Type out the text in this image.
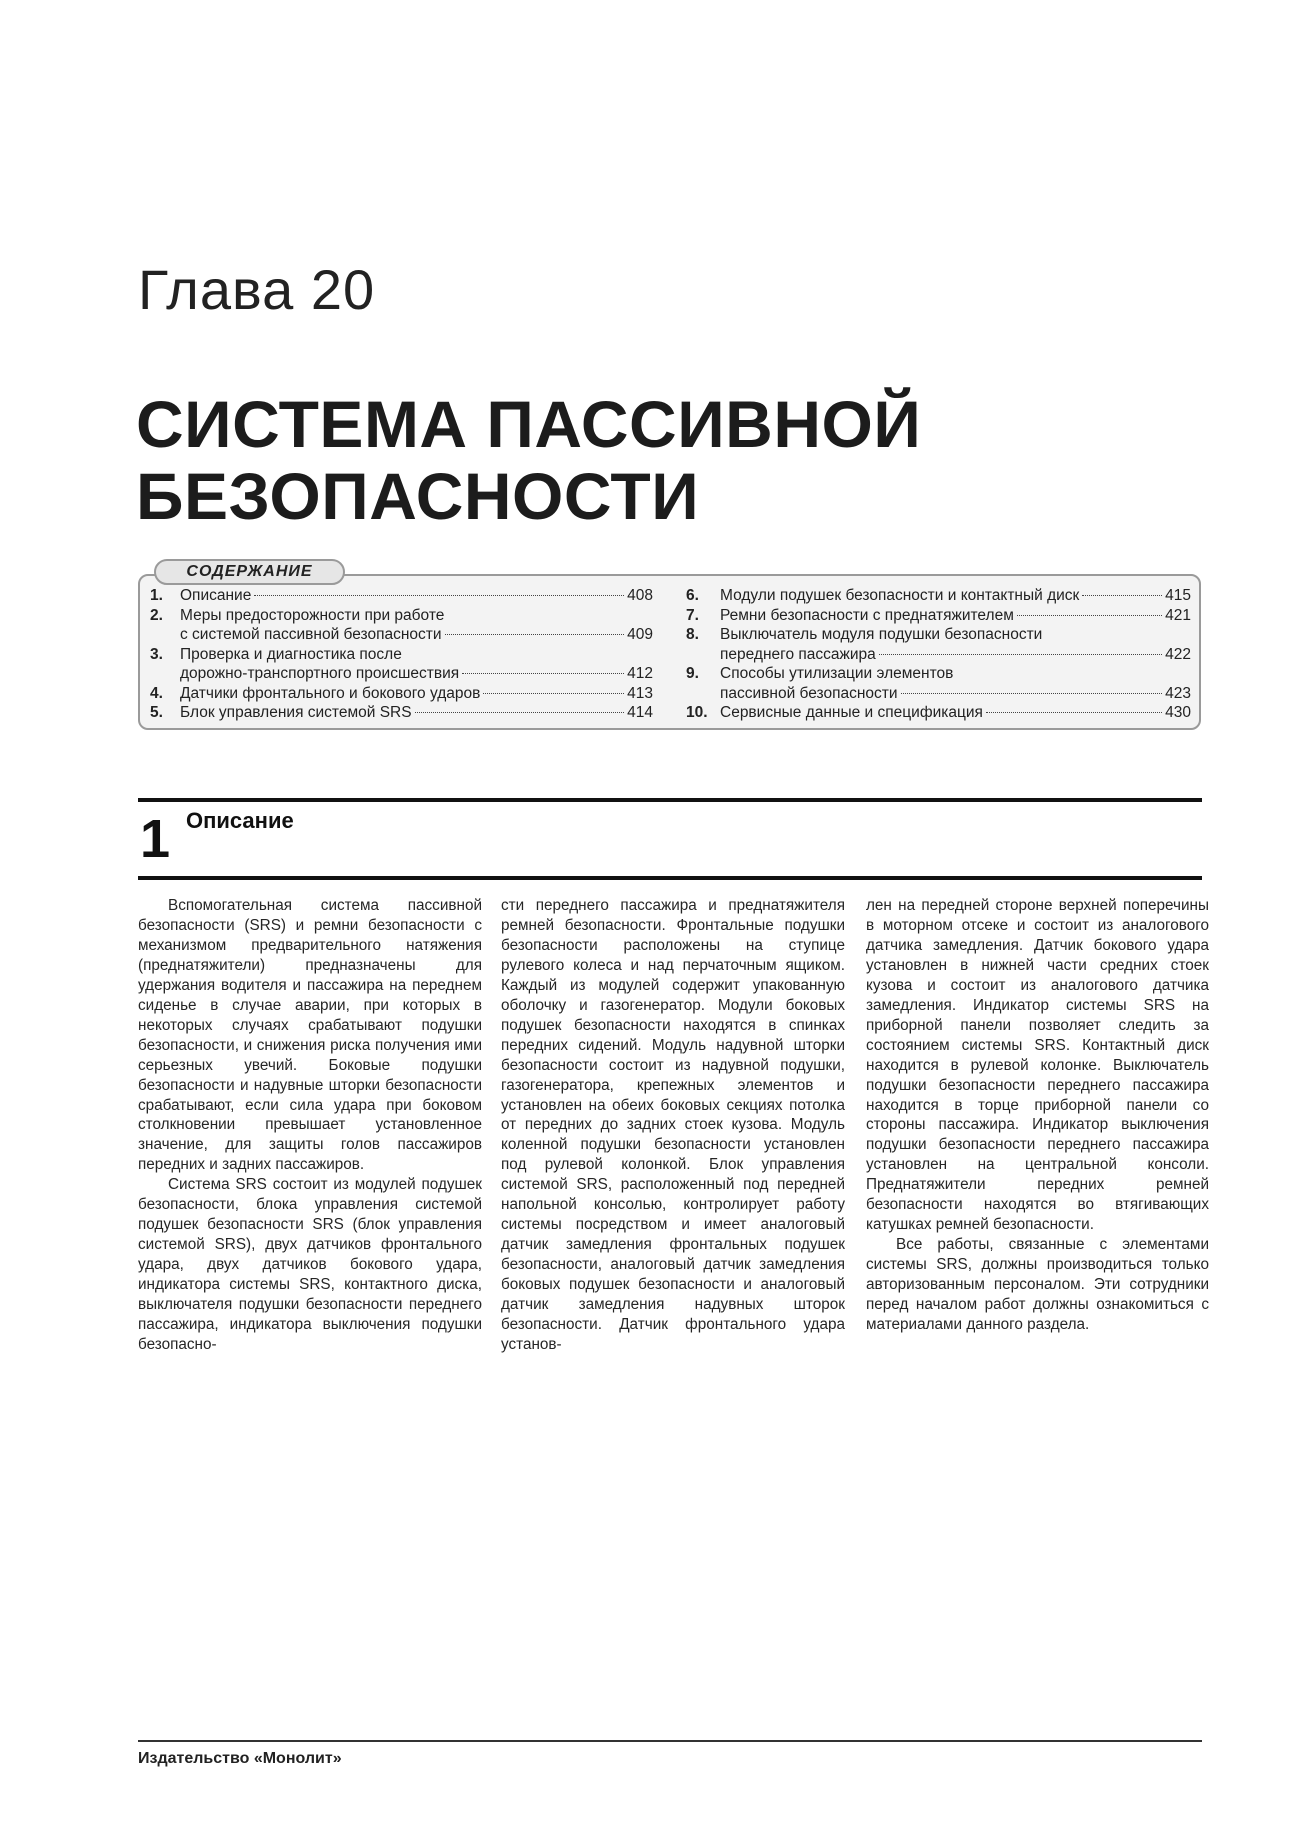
Глава 20
СИСТЕМА ПАССИВНОЙ
БЕЗОПАСНОСТИ
СОДЕРЖАНИЕ
1.	Описание	408
2.	Меры предосторожности при работе
с системой пассивной безопасности	409
3.	Проверка и диагностика после
дорожно-транспортного происшествия	412
4.	Датчики фронтального и бокового ударов	413
5.	Блок управления системой SRS	414
6.	Модули подушек безопасности и контактный диск	415
7.	Ремни безопасности с преднатяжителем	421
8.	Выключатель модуля подушки безопасности
переднего пассажира	422
9.	Способы утилизации элементов
пассивной безопасности	423
10. Сервисные данные и спецификация	430
1 Описание

Вспомогательная система пассивной безопасности (SRS) и ремни безопасности с механизмом предварительного натяжения (преднатяжители) предназначены для удержания водителя и пассажира на переднем сиденье в случае аварии, при которых в некоторых случаях срабатывают подушки безопасности, и снижения риска получения ими серьезных увечий. Боковые подушки безопасности и надувные шторки безопасности срабатывают, если сила удара при боковом столкновении превышает установленное значение, для защиты голов пассажиров передних и задних пассажиров.

Система SRS состоит из модулей подушек безопасности, блока управления системой подушек безопасности SRS (блок управления системой SRS), двух датчиков фронтального удара, двух датчиков бокового удара, индикатора системы SRS, контактного диска, выключателя подушки безопасности переднего пассажира, индикатора выключения подушки безопасно-

сти переднего пассажира и преднатяжителя ремней безопасности. Фронтальные подушки безопасности расположены на ступице рулевого колеса и над перчаточным ящиком. Каждый из модулей содержит упакованную оболочку и газогенератор. Модули боковых подушек безопасности находятся в спинках передних сидений. Модуль надувной шторки безопасности состоит из надувной подушки, газогенератора, крепежных элементов и установлен на обеих боковых секциях потолка от передних до задних стоек кузова. Модуль коленной подушки безопасности установлен под рулевой колонкой. Блок управления системой SRS, расположенный под передней напольной консолью, контролирует работу системы посредством и имеет аналоговый датчик замедления фронтальных подушек безопасности, аналоговый датчик замедления боковых подушек безопасности и аналоговый датчик замедления надувных шторок безопасности. Датчик фронтального удара установ-

лен на передней стороне верхней поперечины в моторном отсеке и состоит из аналогового датчика замедления. Датчик бокового удара установлен в нижней части средних стоек кузова и состоит из аналогового датчика замедления. Индикатор системы SRS на приборной панели позволяет следить за состоянием системы SRS. Контактный диск находится в рулевой колонке. Выключатель подушки безопасности переднего пассажира находится в торце приборной панели со стороны пассажира. Индикатор выключения подушки безопасности переднего пассажира установлен на центральной консоли. Преднатяжители передних ремней безопасности находятся во втягивающих катушках ремней безопасности.

Все работы, связанные с элементами системы SRS, должны производиться только авторизованным персоналом. Эти сотрудники перед началом работ должны ознакомиться с материалами данного раздела.

Издательство «Монолит»
